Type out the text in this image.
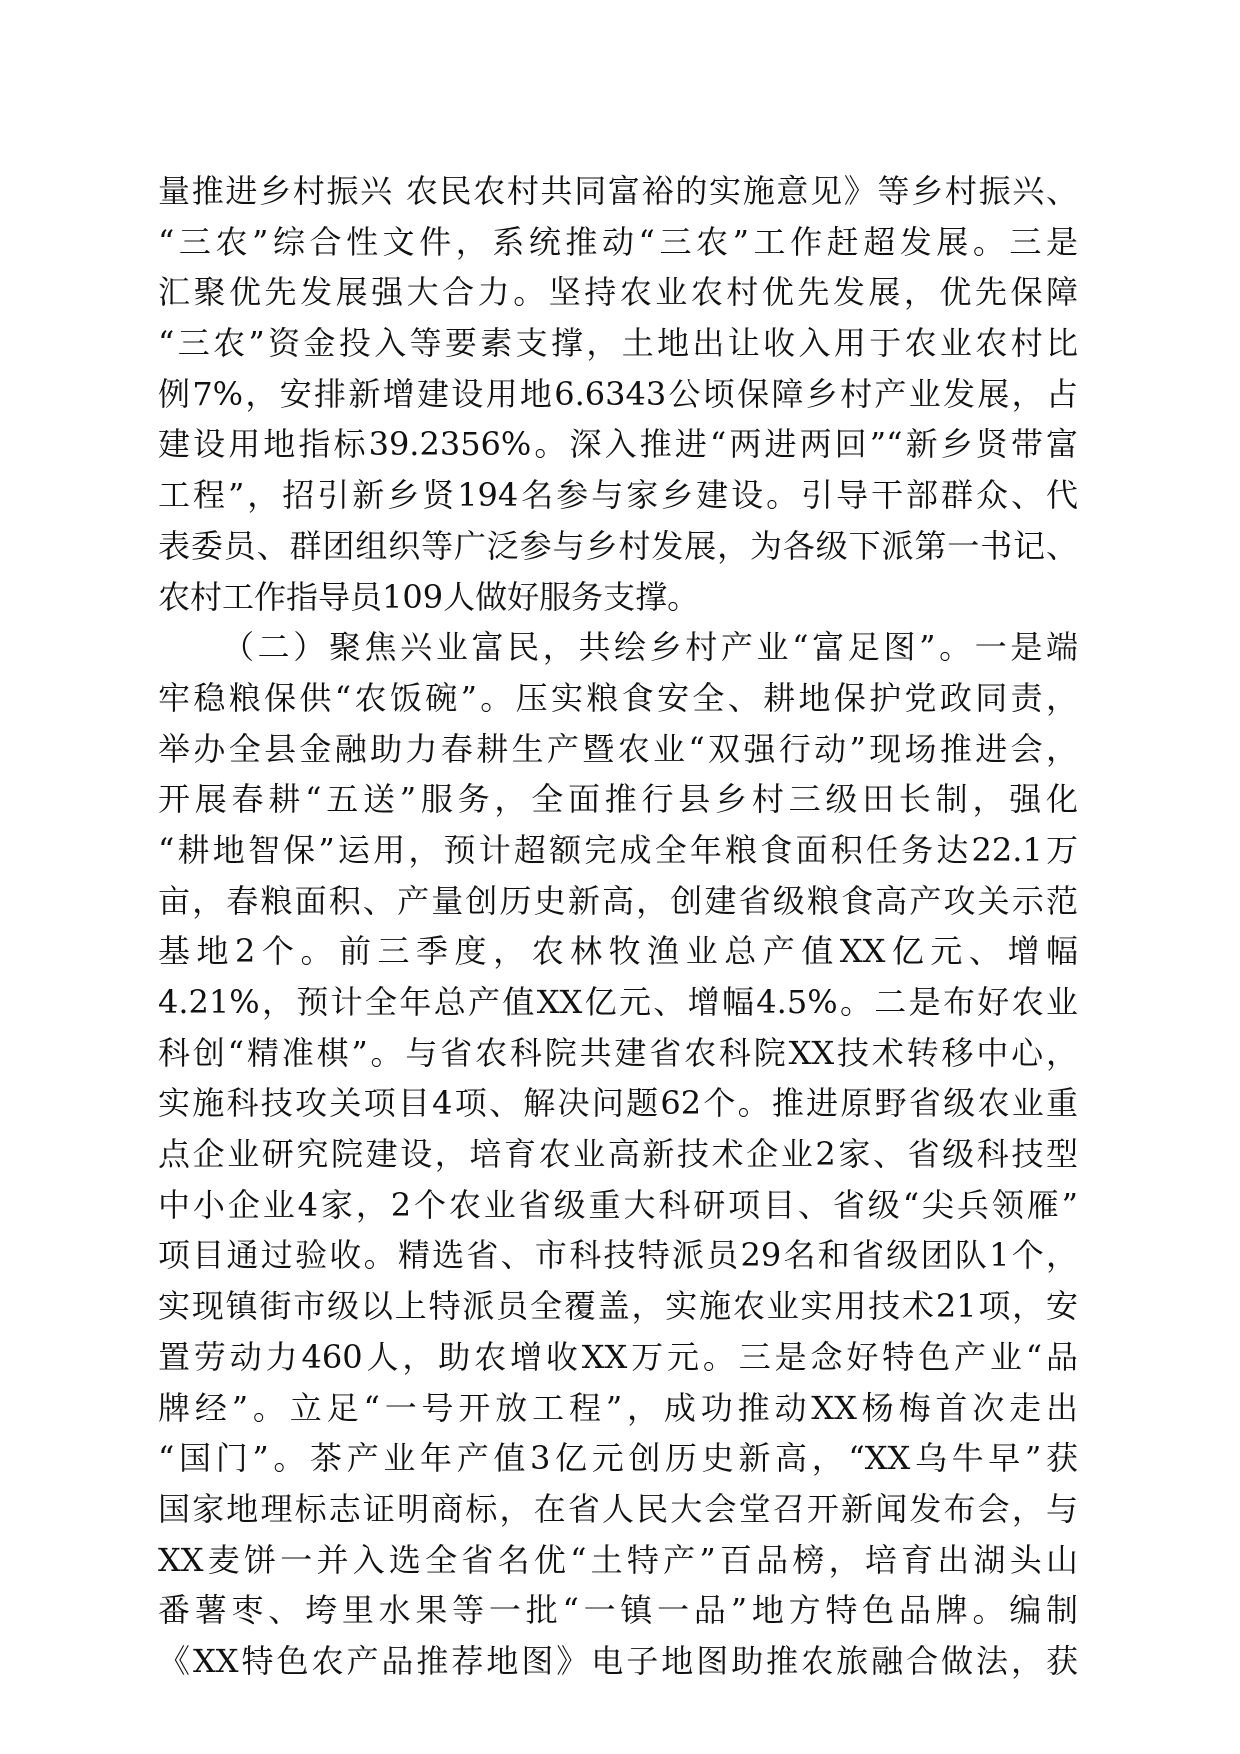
量推进乡村振兴 农民农村共同富裕的实施意见》等乡村振兴、
“三农”综合性文件，系统推动“三农”工作赶超发展。三是
汇聚优先发展强大合力。坚持农业农村优先发展，优先保障
“三农”资金投入等要素支撑，土地出让收入用于农业农村比
例7%，安排新增建设用地6.6343公顷保障乡村产业发展，占
建设用地指标39.2356%。深入推进“两进两回”“新乡贤带富
工程”，招引新乡贤194名参与家乡建设。引导干部群众、代
表委员、群团组织等广泛参与乡村发展，为各级下派第一书记、
农村工作指导员109人做好服务支撑。
（二）聚焦兴业富民，共绘乡村产业“富足图”。一是端
牢稳粮保供“农饭碗”。压实粮食安全、耕地保护党政同责，
举办全县金融助力春耕生产暨农业“双强行动”现场推进会，
开展春耕“五送”服务，全面推行县乡村三级田长制，强化
“耕地智保”运用，预计超额完成全年粮食面积任务达22.1万
亩，春粮面积、产量创历史新高，创建省级粮食高产攻关示范
基地2个。前三季度，农林牧渔业总产值XX亿元、增幅
4.21%，预计全年总产值XX亿元、增幅4.5%。二是布好农业
科创“精准棋”。与省农科院共建省农科院XX技术转移中心，
实施科技攻关项目4项、解决问题62个。推进原野省级农业重
点企业研究院建设，培育农业高新技术企业2家、省级科技型
中小企业4家，2个农业省级重大科研项目、省级“尖兵领雁”
项目通过验收。精选省、市科技特派员29名和省级团队1个，
实现镇街市级以上特派员全覆盖，实施农业实用技术21项，安
置劳动力460人，助农增收XX万元。三是念好特色产业“品
牌经”。立足“一号开放工程”，成功推动XX杨梅首次走出
“国门”。茶产业年产值3亿元创历史新高，“XX乌牛早”获
国家地理标志证明商标，在省人民大会堂召开新闻发布会，与
XX麦饼一并入选全省名优“土特产”百品榜，培育出湖头山
番薯枣、垮里水果等一批“一镇一品”地方特色品牌。编制
《XX特色农产品推荐地图》电子地图助推农旅融合做法，获
